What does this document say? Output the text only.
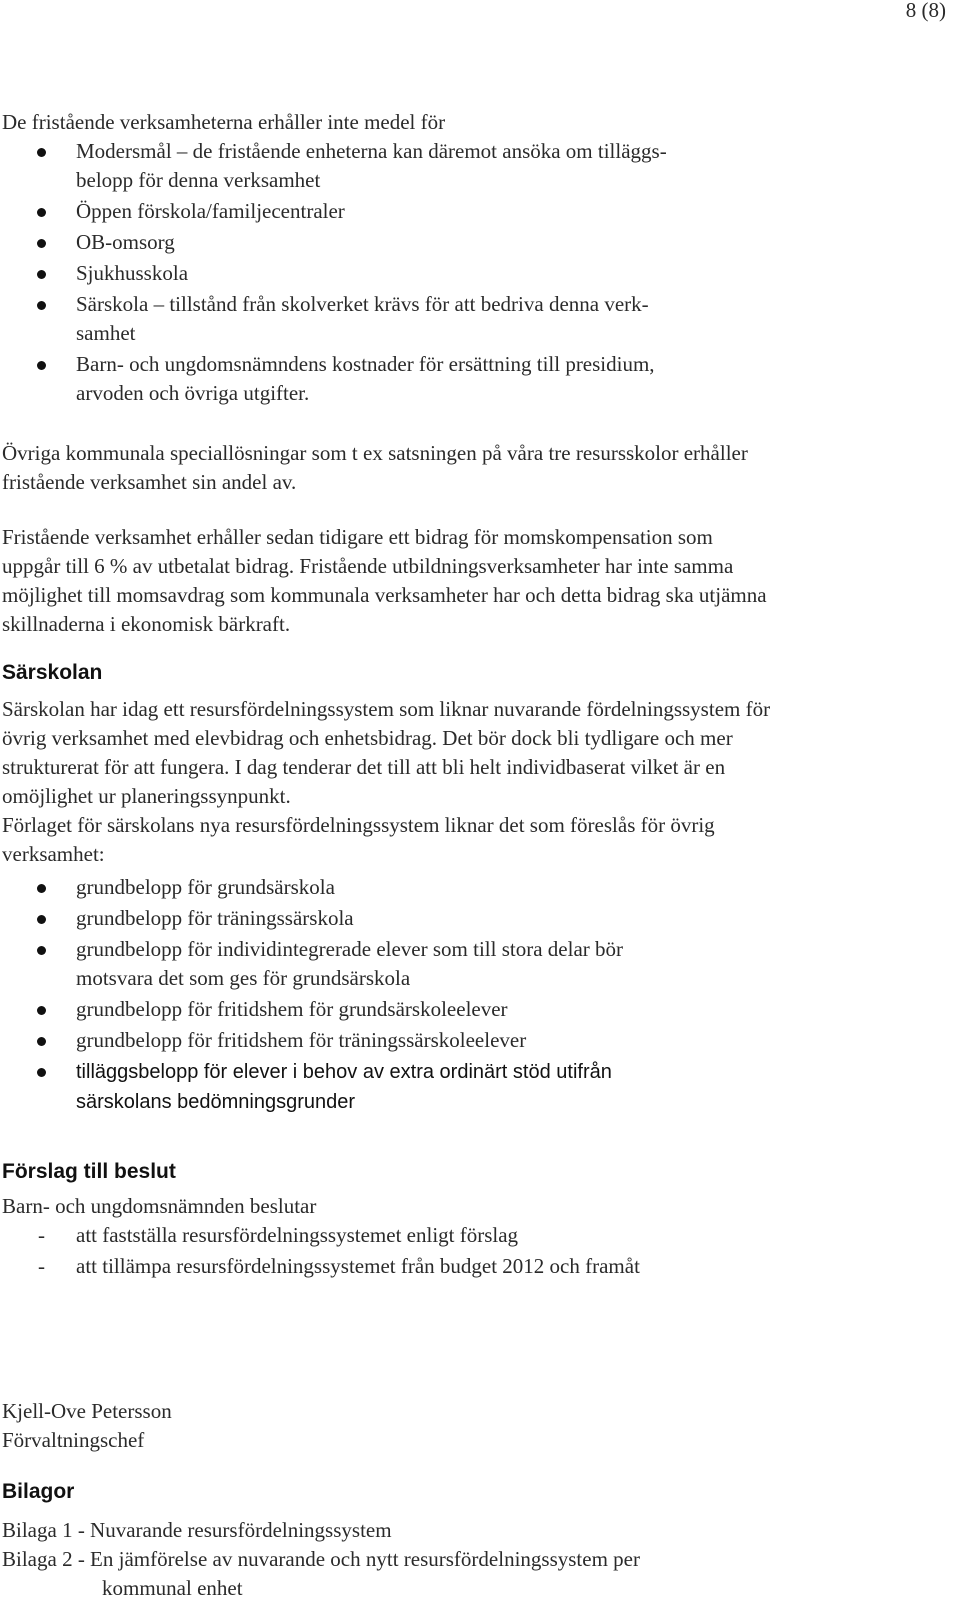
8 (8)

De fristående verksamheterna erhåller inte medel för

Modersmål – de fristående enheterna kan däremot ansöka om tilläggs-belopp för denna verksamhet
Öppen förskola/familjecentraler
OB-omsorg
Sjukhusskola
Särskola – tillstånd från skolverket krävs för att bedriva denna verk-samhet
Barn- och ungdomsnämndens kostnader för ersättning till presidium, arvoden och övriga utgifter.
Övriga kommunala speciallösningar som t ex satsningen på våra tre resursskolor erhåller fristående verksamhet sin andel av.
Fristående verksamhet erhåller sedan tidigare ett bidrag för momskompensation som uppgår till 6 % av utbetalat bidrag. Fristående utbildningsverksamheter har inte samma möjlighet till momsavdrag som kommunala verksamheter har och detta bidrag ska utjämna skillnaderna i ekonomisk bärkraft.
Särskolan

Särskolan har idag ett resursfördelningssystem som liknar nuvarande fördelningssystem för övrig verksamhet med elevbidrag och enhetsbidrag. Det bör dock bli tydligare och mer strukturerat för att fungera. I dag tenderar det till att bli helt individbaserat vilket är en omöjlighet ur planeringssynpunkt.

Förlaget för särskolans nya resursfördelningssystem liknar det som föreslås för övrig verksamhet:

grundbelopp för grundsärskola
grundbelopp för träningssärskola
grundbelopp för individintegrerade elever som till stora delar bör motsvara det som ges för grundsärskola
grundbelopp för fritidshem för grundsärskoleelever
grundbelopp för fritidshem för träningssärskoleelever
tilläggsbelopp för elever i behov av extra ordinärt stöd utifrån särskolans bedömningsgrunder
Förslag till beslut

Barn- och ungdomsnämnden beslutar

- att fastställa resursfördelningssystemet enligt förslag
- att tillämpa resursfördelningssystemet från budget 2012 och framåt
Kjell-Ove Petersson
Förvaltningschef
Bilagor
Bilaga 1 - Nuvarande resursfördelningssystem
Bilaga 2 - En jämförelse av nuvarande och nytt resursfördelningssystem per kommunal enhet
